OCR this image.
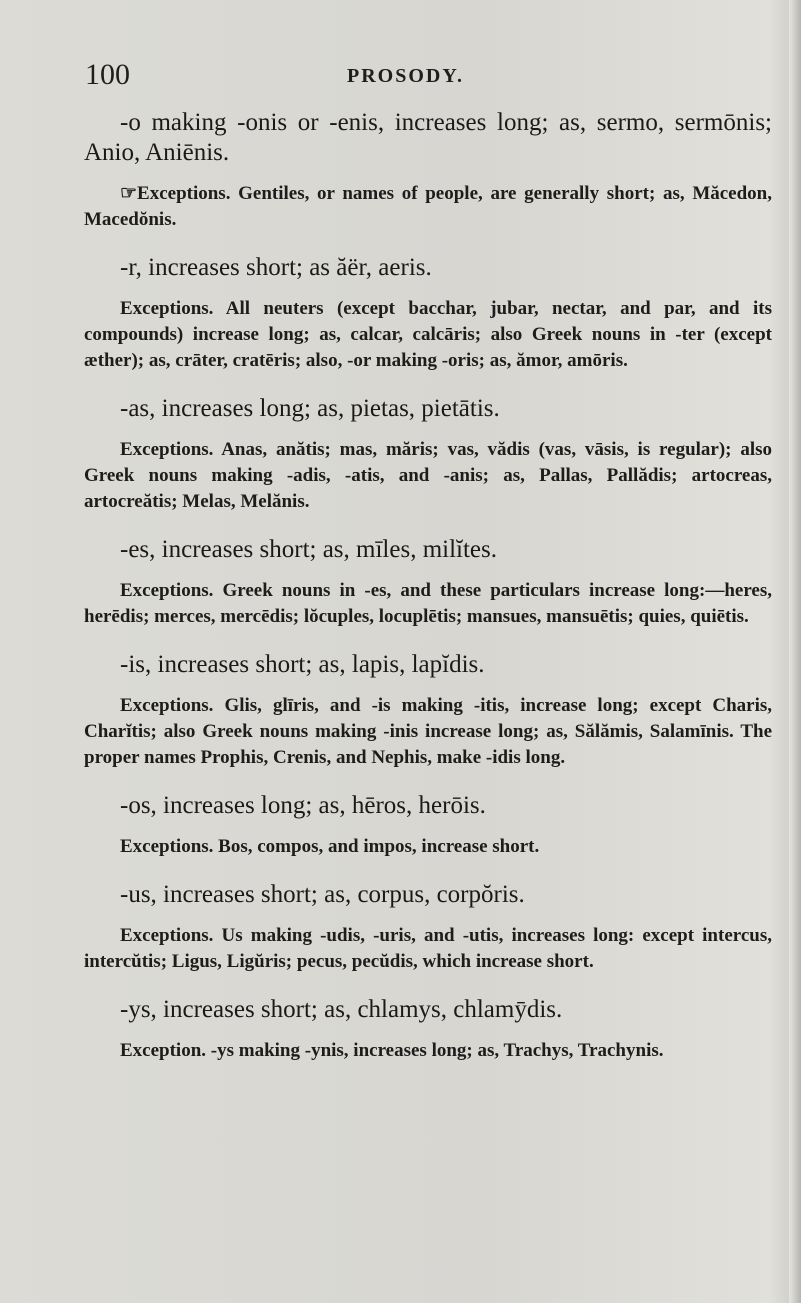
100	PROSODY.

-o making -onis or -enis, increases long; as, sermo, sermōnis; Anio, Aniēnis.

☞Exceptions. Gentiles, or names of people, are generally short; as, Măcedon, Macedŏnis.

-r, increases short; as ăër, aeris.

Exceptions. All neuters (except bacchar, jubar, nectar, and par, and its compounds) increase long; as, calcar, calcāris; also Greek nouns in -ter (except æther); as, crāter, cratēris; also, -or making -oris; as, ămor, amōris.

-as, increases long; as, pietas, pietātis.

Exceptions. Anas, anătis; mas, măris; vas, vădis (vas, vāsis, is regular); also Greek nouns making -adis, -atis, and -anis; as, Pallas, Pallădis; artocreas, artocreătis; Melas, Melănis.

-es, increases short; as, mīles, milĭtes.

Exceptions. Greek nouns in -es, and these particulars increase long:—heres, herēdis; merces, mercēdis; lŏcuples, locuplētis; mansues, mansuētis; quies, quiētis.

-is, increases short; as, lapis, lapĭdis.

Exceptions. Glis, glīris, and -is making -itis, increase long; except Charis, Charĭtis; also Greek nouns making -inis increase long; as, Sălămis, Salamīnis. The proper names Prophis, Crenis, and Nephis, make -idis long.

-os, increases long; as, hēros, herōis.

Exceptions. Bos, compos, and impos, increase short.

-us, increases short; as, corpus, corpŏris.

Exceptions. Us making -udis, -uris, and -utis, increases long: except intercus, intercŭtis; Ligus, Ligŭris; pecus, pecŭdis, which increase short.

-ys, increases short; as, chlamys, chlamȳdis.

Exception. -ys making -ynis, increases long; as, Trachys, Trachynis.
